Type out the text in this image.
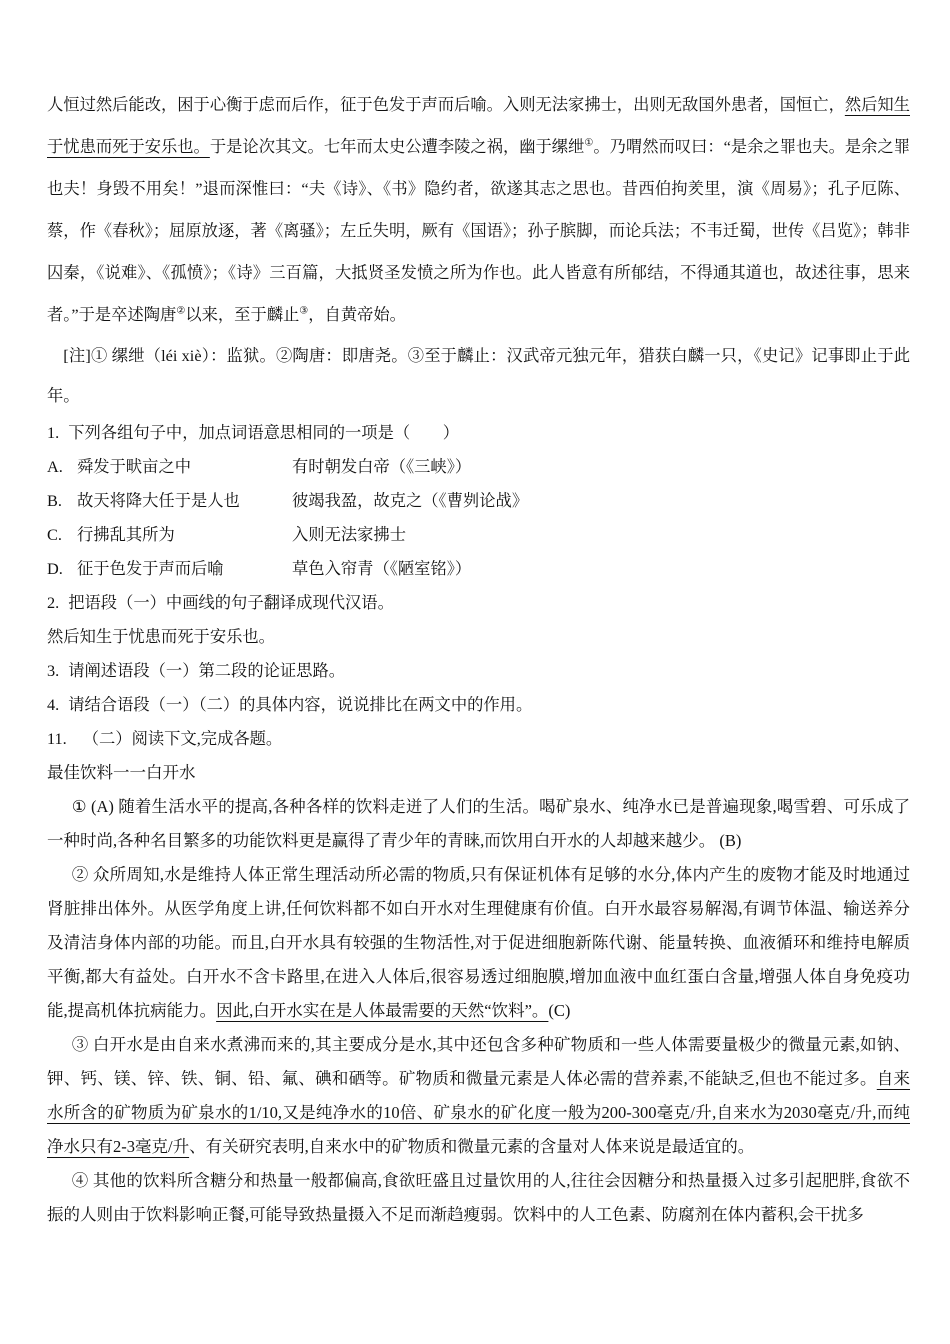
人恒过然后能改，困于心衡于虑而后作，征于色发于声而后喻。入则无法家拂士，出则无敌国外患者，国恒亡，然后知生于忧患而死于安乐也。于是论次其文。七年而太史公遭李陵之祸，幽于缧绁①。乃喟然而叹曰：“是余之罪也夫。是余之罪也夫！身毁不用矣！”退而深惟曰：“夫《诗》、《书》隐约者，欲遂其志之思也。昔西伯拘羑里，演《周易》；孔子厄陈、蔡，作《春秋》；屈原放逐，著《离骚》；左丘失明，厥有《国语》；孙子膑脚，而论兵法；不韦迁蜀，世传《吕览》；韩非囚秦，《说难》、《孤愤》；《诗》三百篇，大抵贤圣发愤之所为作也。此人皆意有所郁结，不得通其道也，故述往事，思来者。”于是卒述陶唐②以来，至于麟止③，自黄帝始。

[注]① 缧绁（léi xiè）：监狱。②陶唐：即唐尧。③至于麟止：汉武帝元独元年，猎获白麟一只，《史记》记事即止于此年。

1. 下列各组句子中，加点词语意思相同的一项是（　　）

A. 舜发于畎亩之中	有时朝发白帝（《三峡》）

B. 故天将降大任于是人也	彼竭我盈，故克之（《曹刿论战》

C. 行拂乱其所为	入则无法家拂士

D. 征于色发于声而后喻	草色入帘青（《陋室铭》）

2. 把语段（一）中画线的句子翻译成现代汉语。

然后知生于忧患而死于安乐也。

3. 请阐述语段（一）第二段的论证思路。

4. 请结合语段（一）（二）的具体内容，说说排比在两文中的作用。

11. （二）阅读下文,完成各题。

最佳饮料一一白开水

① (A) 随着生活水平的提高,各种各样的饮料走迸了人们的生活。喝矿泉水、纯净水已是普遍现象,喝雪碧、可乐成了一种时尚,各种名目繁多的功能饮料更是赢得了青少年的青睐,而饮用白开水的人却越来越少。 (B)

② 众所周知,水是维持人体正常生理活动所必需的物质,只有保证机体有足够的水分,体内产生的废物才能及时地通过肾脏排出体外。从医学角度上讲,任何饮料都不如白开水对生理健康有价值。白开水最容易解渴,有调节体温、输送养分及清洁身体内部的功能。而且,白开水具有较强的生物活性,对于促进细胞新陈代谢、能量转换、血液循环和维持电解质平衡,都大有益处。白开水不含卡路里,在进入人体后,很容易透过细胞膜,增加血液中血红蛋白含量,增强人体自身免疫功能,提高机体抗病能力。因此,白开水实在是人体最需要的天然“饮料”。(C)

③ 白开水是由自来水煮沸而来的,其主要成分是水,其中还包含多种矿物质和一些人体需要量极少的微量元素,如钠、钾、钙、镁、锌、铁、铜、铅、氟、碘和硒等。矿物质和微量元素是人体必需的营养素,不能缺乏,但也不能过多。自来水所含的矿物质为矿泉水的1/10,又是纯净水的10倍、矿泉水的矿化度一般为200-300毫克/升,自来水为2030毫克/升,而纯净水只有2-3毫克/升、有关研究表明,自来水中的矿物质和微量元素的含量对人体来说是最适宜的。

④ 其他的饮料所含糖分和热量一般都偏高,食欲旺盛且过量饮用的人,往往会因糖分和热量摄入过多引起肥胖,食欲不振的人则由于饮料影响正餐,可能导致热量摄入不足而渐趋瘦弱。饮料中的人工色素、防腐剂在体内蓄积,会干扰多
